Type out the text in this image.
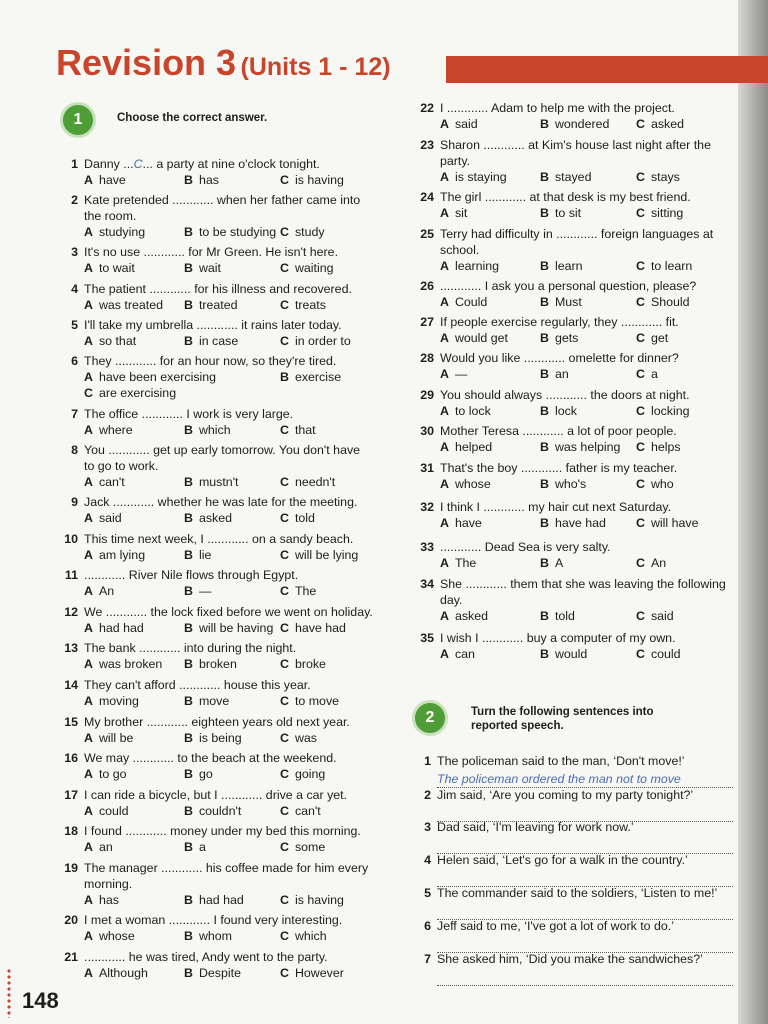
Revision 3 (Units 1 - 12)
1	Choose the correct answer.
1 Danny ...C... a party at nine o'clock tonight.
A have	B has	C is having
2 Kate pretended ............ when her father came into
the room.
A studying	B to be studying C study
3 It's no use ............ for Mr Green. He isn't here.
A to wait	B wait	C waiting
4 The patient ............ for his illness and recovered.
A was treated B treated	C treats
5 I'll take my umbrella ............ it rains later today.
A so that	B in case	C in order to
6 They ............ for an hour now, so they're tired.
A have been exercising	B exercise
C are exercising
7 The office ............ I work is very large.
A where	B which	C that
8 You ............ get up early tomorrow. You don't have
to go to work.
A can't	B mustn't	C needn't
9 Jack ............ whether he was late for the meeting.
A said	B asked	C told
10 This time next week, I ............ on a sandy beach.
A am lying	B lie	C will be lying
11 ............ River Nile flows through Egypt.
A An	B —	C The
12 We ............ the lock fixed before we went on holiday.
A had had	B will be having C have had
13 The bank ............ into during the night.
A was broken B broken	C broke
14 They can't afford ............ house this year.
A moving	B move	C to move
15 My brother ............ eighteen years old next year.
A will be	B is being	C was
16 We may ............ to the beach at the weekend.
A to go	B go	C going
17 I can ride a bicycle, but I ............ drive a car yet.
A could	B couldn't	C can't
18 I found ............ money under my bed this morning.
A an	B a	C some
19 The manager ............ his coffee made for him every
morning.
A has	B had had	C is having
20 I met a woman ............ I found very interesting.
A whose	B whom	C which
21 ............ he was tired, Andy went to the party.
A Although	B Despite	C However
22 I ............ Adam to help me with the project.
A said	B wondered C asked
23 Sharon ............ at Kim's house last night after the
party.
A is staying	B stayed	C stays
24 The girl ............ at that desk is my best friend.
A sit	B to sit	C sitting
25 Terry had difficulty in ............ foreign languages at
school.
A learning	B learn	C to learn
26 ............ I ask you a personal question, please?
A Could	B Must	C Should
27 If people exercise regularly, they ............ fit.
A would get	B gets	C get
28 Would you like ............ omelette for dinner?
A —	B an	C a
29 You should always ............ the doors at night.
A to lock	B lock	C locking
30 Mother Teresa ............ a lot of poor people.
A helped	B was helping C helps
31 That's the boy ............ father is my teacher.
A whose	B who's	C who
32 I think I ............ my hair cut next Saturday.
A have	B have had C will have
33 ............ Dead Sea is very salty.
A The	B A	C An
34 She ............ them that she was leaving the following
day.
A asked	B told	C said
35 I wish I ............ buy a computer of my own.
A can	B would	C could
2	Turn the following sentences into
reported speech.
1 The policeman said to the man, ‘Don't move!’
The policeman ordered the man not to move
2 Jim said, ‘Are you coming to my party tonight?’
3 Dad said, ‘I'm leaving for work now.’
4 Helen said, ‘Let's go for a walk in the country.’
5 The commander said to the soldiers, ‘Listen to me!’
6 Jeff said to me, ‘I've got a lot of work to do.’
7 She asked him, ‘Did you make the sandwiches?’
148
